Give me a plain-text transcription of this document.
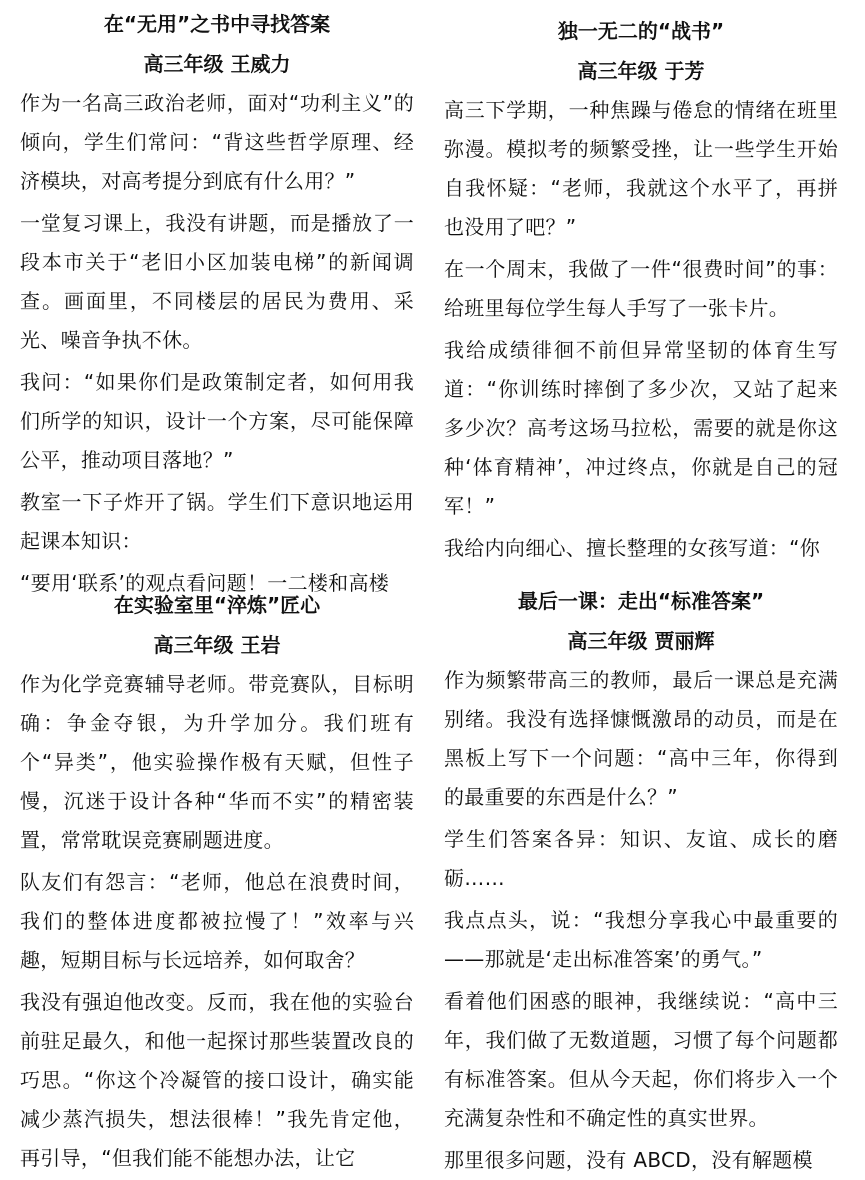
在“无用”之书中寻找答案
高三年级 王威力

作为一名高三政治老师，面对“功利主义”的倾向，学生们常问：“背这些哲学原理、经济模块，对高考提分到底有什么用？”

一堂复习课上，我没有讲题，而是播放了一段本市关于“老旧小区加装电梯”的新闻调查。画面里，不同楼层的居民为费用、采光、噪音争执不休。

我问：“如果你们是政策制定者，如何用我们所学的知识，设计一个方案，尽可能保障公平，推动项目落地？”

教室一下子炸开了锅。学生们下意识地运用起课本知识：

“要用‘联系’的观点看问题！一二楼和高楼

独一无二的“战书”
高三年级 于芳

高三下学期，一种焦躁与倦怠的情绪在班里弥漫。模拟考的频繁受挫，让一些学生开始自我怀疑：“老师，我就这个水平了，再拼也没用了吧？”

在一个周末，我做了一件“很费时间”的事：给班里每位学生每人手写了一张卡片。

我给成绩徘徊不前但异常坚韧的体育生写道：“你训练时摔倒了多少次，又站了起来多少次？高考这场马拉松，需要的就是你这种‘体育精神’，冲过终点，你就是自己的冠军！”

我给内向细心、擅长整理的女孩写道：“你

在实验室里“淬炼”匠心
高三年级 王岩

作为化学竞赛辅导老师。带竞赛队，目标明确：争金夺银，为升学加分。我们班有个“异类”，他实验操作极有天赋，但性子慢，沉迷于设计各种“华而不实”的精密装置，常常耽误竞赛刷题进度。

队友们有怨言：“老师，他总在浪费时间，我们的整体进度都被拉慢了！”效率与兴趣，短期目标与长远培养，如何取舍？

我没有强迫他改变。反而，我在他的实验台前驻足最久，和他一起探讨那些装置改良的巧思。“你这个冷凝管的接口设计，确实能减少蒸汽损失，想法很棒！”我先肯定他，再引导，“但我们能不能想办法，让它

最后一课：走出“标准答案”
高三年级 贾丽辉

作为频繁带高三的教师，最后一课总是充满别绪。我没有选择慷慨激昂的动员，而是在黑板上写下一个问题：“高中三年，你得到的最重要的东西是什么？”

学生们答案各异：知识、友谊、成长的磨砺……

我点点头，说：“我想分享我心中最重要的——那就是‘走出标准答案’的勇气。”

看着他们困惑的眼神，我继续说：“高中三年，我们做了无数道题，习惯了每个问题都有标准答案。但从今天起，你们将步入一个充满复杂性和不确定性的真实世界。

那里很多问题，没有 ABCD，没有解题模
